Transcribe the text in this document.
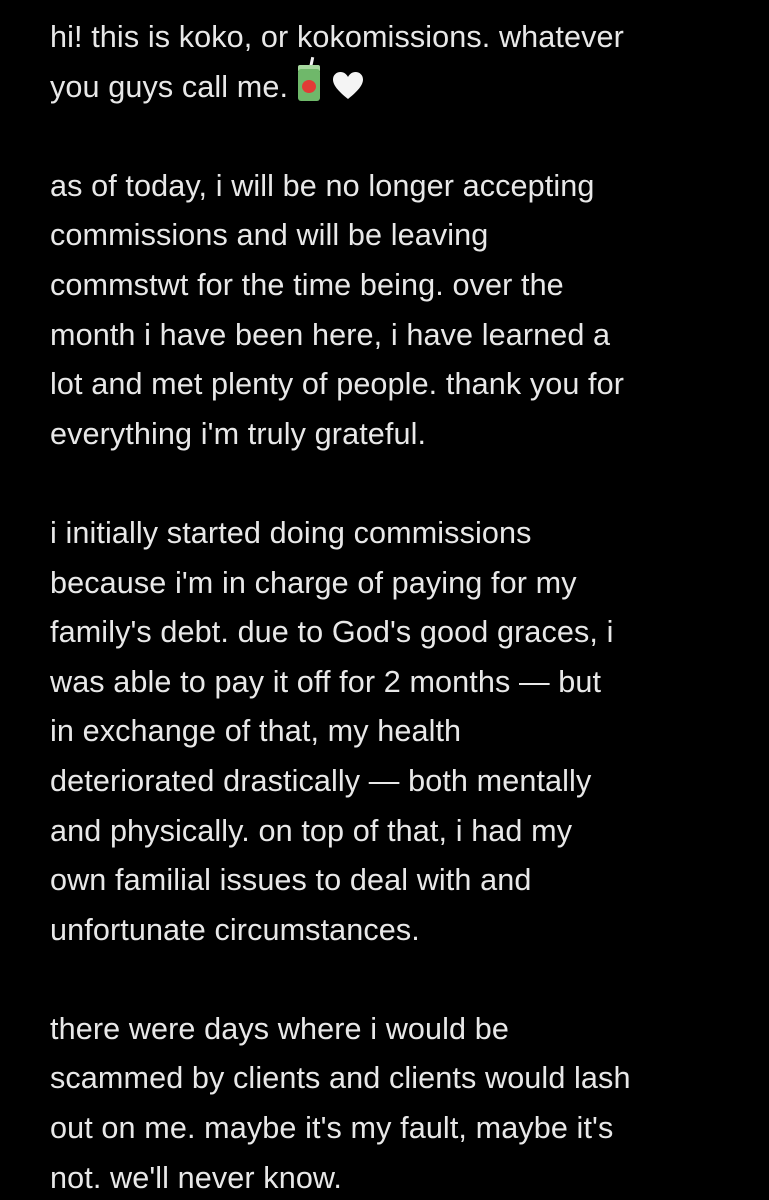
hi! this is koko, or kokomissions. whatever
you guys call me.
as of today, i will be no longer accepting
commissions and will be leaving
commstwt for the time being. over the
month i have been here, i have learned a
lot and met plenty of people. thank you for
everything i'm truly grateful.
i initially started doing commissions
because i'm in charge of paying for my
family's debt. due to God's good graces, i
was able to pay it off for 2 months — but
in exchange of that, my health
deteriorated drastically — both mentally
and physically. on top of that, i had my
own familial issues to deal with and
unfortunate circumstances.
there were days where i would be
scammed by clients and clients would lash
out on me. maybe it's my fault, maybe it's
not. we'll never know.
